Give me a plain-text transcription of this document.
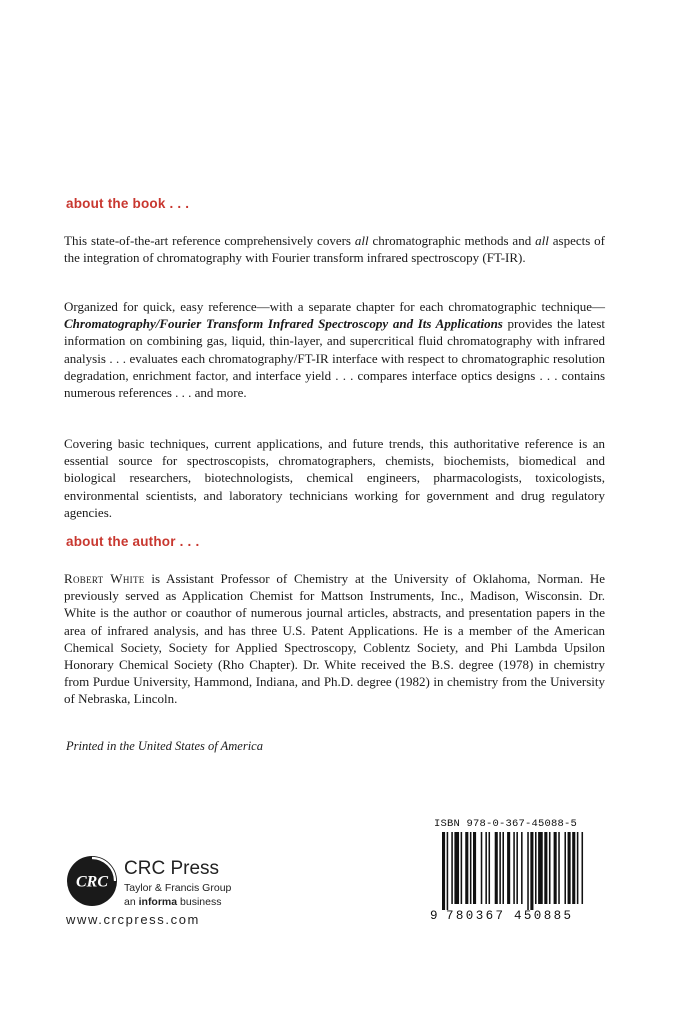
about the book . . .

This state-of-the-art reference comprehensively covers all chromatographic methods and all aspects of the integration of chromatography with Fourier transform infrared spectroscopy (FT-IR).

Organized for quick, easy reference—with a separate chapter for each chromatographic technique—Chromatography/Fourier Transform Infrared Spectroscopy and Its Applications provides the latest information on combining gas, liquid, thin-layer, and supercritical fluid chromatography with infrared analysis . . . evaluates each chromatography/FT-IR interface with respect to chromatographic resolution degradation, enrichment factor, and interface yield . . . compares interface optics designs . . . contains numerous references . . . and more.

Covering basic techniques, current applications, and future trends, this authoritative reference is an essential source for spectroscopists, chromatographers, chemists, biochemists, biomedical and biological researchers, biotechnologists, chemical engineers, pharmacologists, toxicologists, environmental scientists, and laboratory technicians working for government and drug regulatory agencies.

about the author . . .

Robert White is Assistant Professor of Chemistry at the University of Oklahoma, Norman. He previously served as Application Chemist for Mattson Instruments, Inc., Madison, Wisconsin. Dr. White is the author or coauthor of numerous journal articles, abstracts, and presentation papers in the area of infrared analysis, and has three U.S. Patent Applications. He is a member of the American Chemical Society, Society for Applied Spectroscopy, Coblentz Society, and Phi Lambda Upsilon Honorary Chemical Society (Rho Chapter). Dr. White received the B.S. degree (1978) in chemistry from Purdue University, Hammond, Indiana, and Ph.D. degree (1982) in chemistry from the University of Nebraska, Lincoln.

Printed in the United States of America
CRC
CRC Press
Taylor & Francis Group
an informa business
www.crcpress.com
ISBN 978-0-367-45088-5
9 780367 450885
